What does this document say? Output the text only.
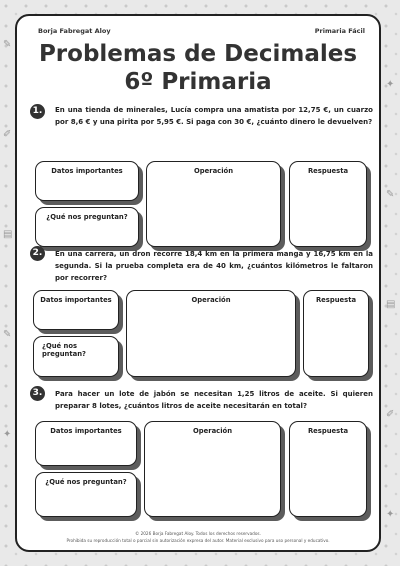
✎
✐
▤
✎
✦
✦
✎
▤
✐
✦
Borja Fabregat Aloy	Primaria Fácil
Problemas de Decimales
6º Primaria
1.	En una tienda de minerales, Lucía compra una amatista por 12,75 €, un cuarzo por 8,6 € y una pirita por 5,95 €. Si paga con 30 €, ¿cuánto dinero le devuelven?
Datos importantes
¿Qué nos preguntan?
Operación	Respuesta
2.	En una carrera, un dron recorre 18,4 km en la primera manga y 16,75 km en la segunda. Si la prueba completa era de 40 km, ¿cuántos kilómetros le faltaron por recorrer?
Datos importantes
¿Qué nos preguntan?
Operación	Respuesta
3.	Para hacer un lote de jabón se necesitan 1,25 litros de aceite. Si quieren preparar 8 lotes, ¿cuántos litros de aceite necesitarán en total?
Datos importantes
¿Qué nos preguntan?
Operación	Respuesta
© 2026 Borja Fabregat Aloy. Todos los derechos reservados.
Prohibida su reproducción total o parcial sin autorización expresa del autor. Material exclusivo para uso personal y educativo.
